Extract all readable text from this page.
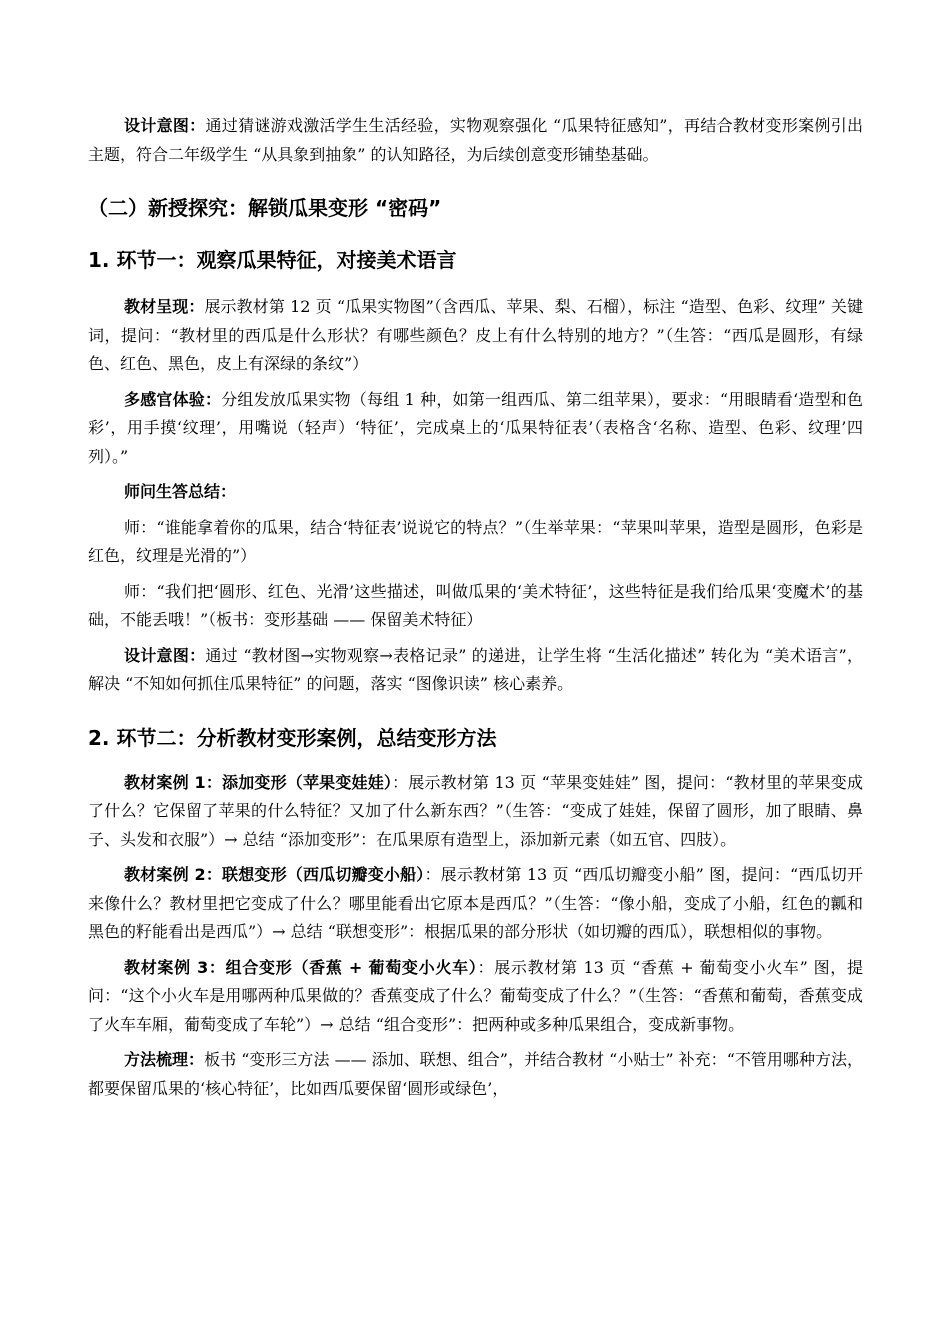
设计意图：通过猜谜游戏激活学生生活经验，实物观察强化 “瓜果特征感知”，再结合教材变形案例引出主题，符合二年级学生 “从具象到抽象” 的认知路径，为后续创意变形铺垫基础。

（二）新授探究：解锁瓜果变形 “密码”
1. 环节一：观察瓜果特征，对接美术语言

教材呈现：展示教材第 12 页 “瓜果实物图”（含西瓜、苹果、梨、石榴），标注 “造型、色彩、纹理” 关键词，提问：“教材里的西瓜是什么形状？有哪些颜色？皮上有什么特别的地方？”（生答：“西瓜是圆形，有绿色、红色、黑色，皮上有深绿的条纹”）

多感官体验：分组发放瓜果实物（每组 1 种，如第一组西瓜、第二组苹果），要求：“用眼睛看‘造型和色彩’，用手摸‘纹理’，用嘴说（轻声）‘特征’，完成桌上的‘瓜果特征表’（表格含‘名称、造型、色彩、纹理’四列）。”

师问生答总结：

师：“谁能拿着你的瓜果，结合‘特征表’说说它的特点？”（生举苹果：“苹果叫苹果，造型是圆形，色彩是红色，纹理是光滑的”）

师：“我们把‘圆形、红色、光滑’这些描述，叫做瓜果的‘美术特征’，这些特征是我们给瓜果‘变魔术’的基础，不能丢哦！”（板书：变形基础 —— 保留美术特征）

设计意图：通过 “教材图→实物观察→表格记录” 的递进，让学生将 “生活化描述” 转化为 “美术语言”，解决 “不知如何抓住瓜果特征” 的问题，落实 “图像识读” 核心素养。

2. 环节二：分析教材变形案例，总结变形方法

教材案例 1：添加变形（苹果变娃娃）：展示教材第 13 页 “苹果变娃娃” 图，提问：“教材里的苹果变成了什么？它保留了苹果的什么特征？又加了什么新东西？”（生答：“变成了娃娃，保留了圆形，加了眼睛、鼻子、头发和衣服”）→ 总结 “添加变形”：在瓜果原有造型上，添加新元素（如五官、四肢）。

教材案例 2：联想变形（西瓜切瓣变小船）：展示教材第 13 页 “西瓜切瓣变小船” 图，提问：“西瓜切开来像什么？教材里把它变成了什么？哪里能看出它原本是西瓜？”（生答：“像小船，变成了小船，红色的瓤和黑色的籽能看出是西瓜”）→ 总结 “联想变形”：根据瓜果的部分形状（如切瓣的西瓜），联想相似的事物。

教材案例 3：组合变形（香蕉 + 葡萄变小火车）：展示教材第 13 页 “香蕉 + 葡萄变小火车” 图，提问：“这个小火车是用哪两种瓜果做的？香蕉变成了什么？葡萄变成了什么？”（生答：“香蕉和葡萄，香蕉变成了火车车厢，葡萄变成了车轮”）→ 总结 “组合变形”：把两种或多种瓜果组合，变成新事物。

方法梳理：板书 “变形三方法 —— 添加、联想、组合”，并结合教材 “小贴士” 补充：“不管用哪种方法，都要保留瓜果的‘核心特征’，比如西瓜要保留‘圆形或绿色’，
